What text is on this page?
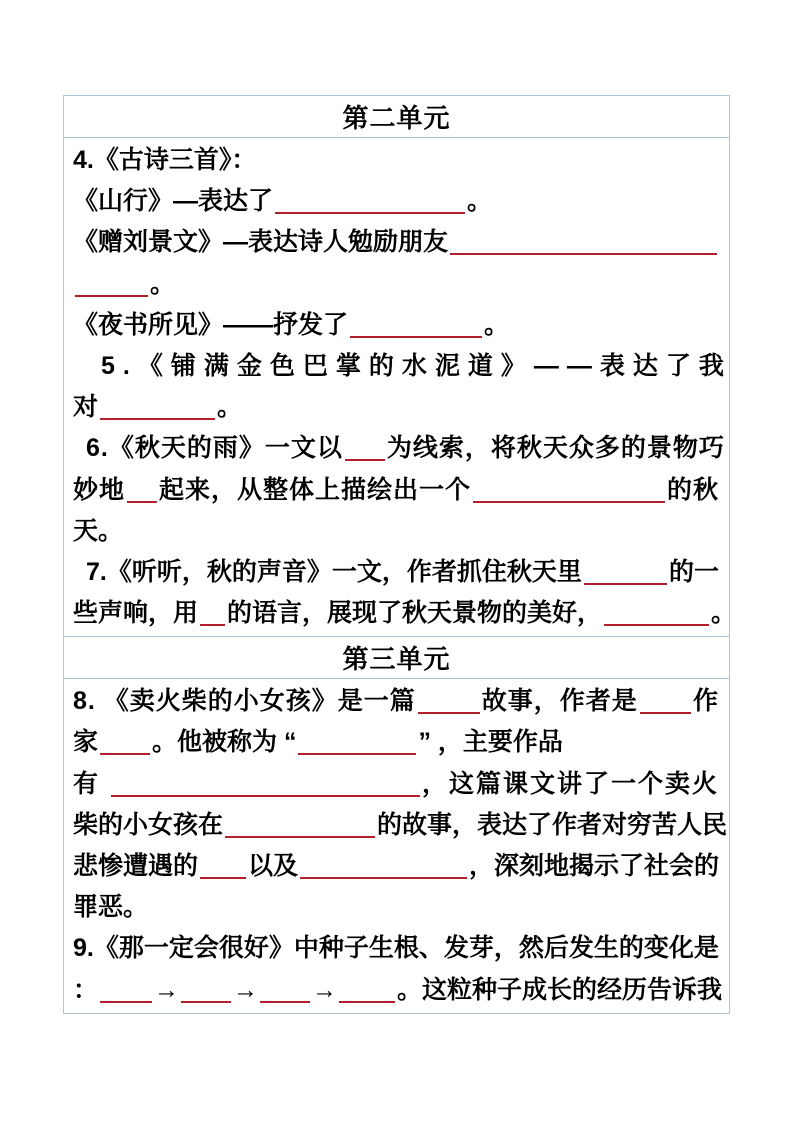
第二单元
4.《古诗三首》：
《山行》—表达了	。
《赠刘景文》—表达诗人勉励朋友
。
《夜书所见》——抒发了	。
5.《铺满金色巴掌的水泥道》——表达了我
对	。
6.《秋天的雨》一文以 为线索，将秋天众多的景物巧
妙地 起来，从整体上描绘出一个	的秋
天。
7.《听听，秋的声音》一文，作者抓住秋天里	的一
些声响，用 的语言，展现了秋天景物的美好，	。
第三单元
8. 《卖火柴的小女孩》是一篇	故事，作者是 作
家 。他被称为 “	” ，主要作品
有	，这篇课文讲了一个卖火
柴的小女孩在	的故事，表达了作者对穷苦人民
悲惨遭遇的 以及	，深刻地揭示了社会的
罪恶。
9.《那一定会很好》中种子生根、发芽，然后发生的变化是
： → → → 。这粒种子成长的经历告诉我
